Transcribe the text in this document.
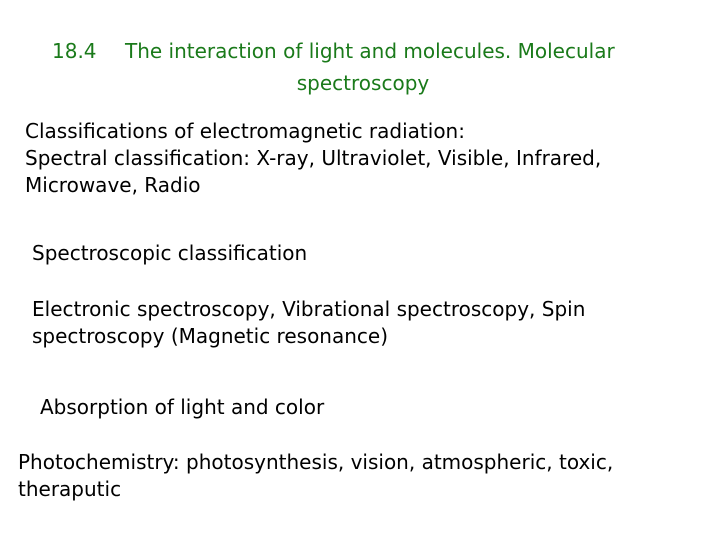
18.4 The interaction of light and molecules. Molecular
spectroscopy
Classifications of electromagnetic radiation:
Spectral classification: X-ray, Ultraviolet, Visible, Infrared,
Microwave, Radio
Spectroscopic classification
Electronic spectroscopy, Vibrational spectroscopy, Spin
spectroscopy (Magnetic resonance)
Absorption of light and color
Photochemistry: photosynthesis, vision, atmospheric, toxic,
theraputic
